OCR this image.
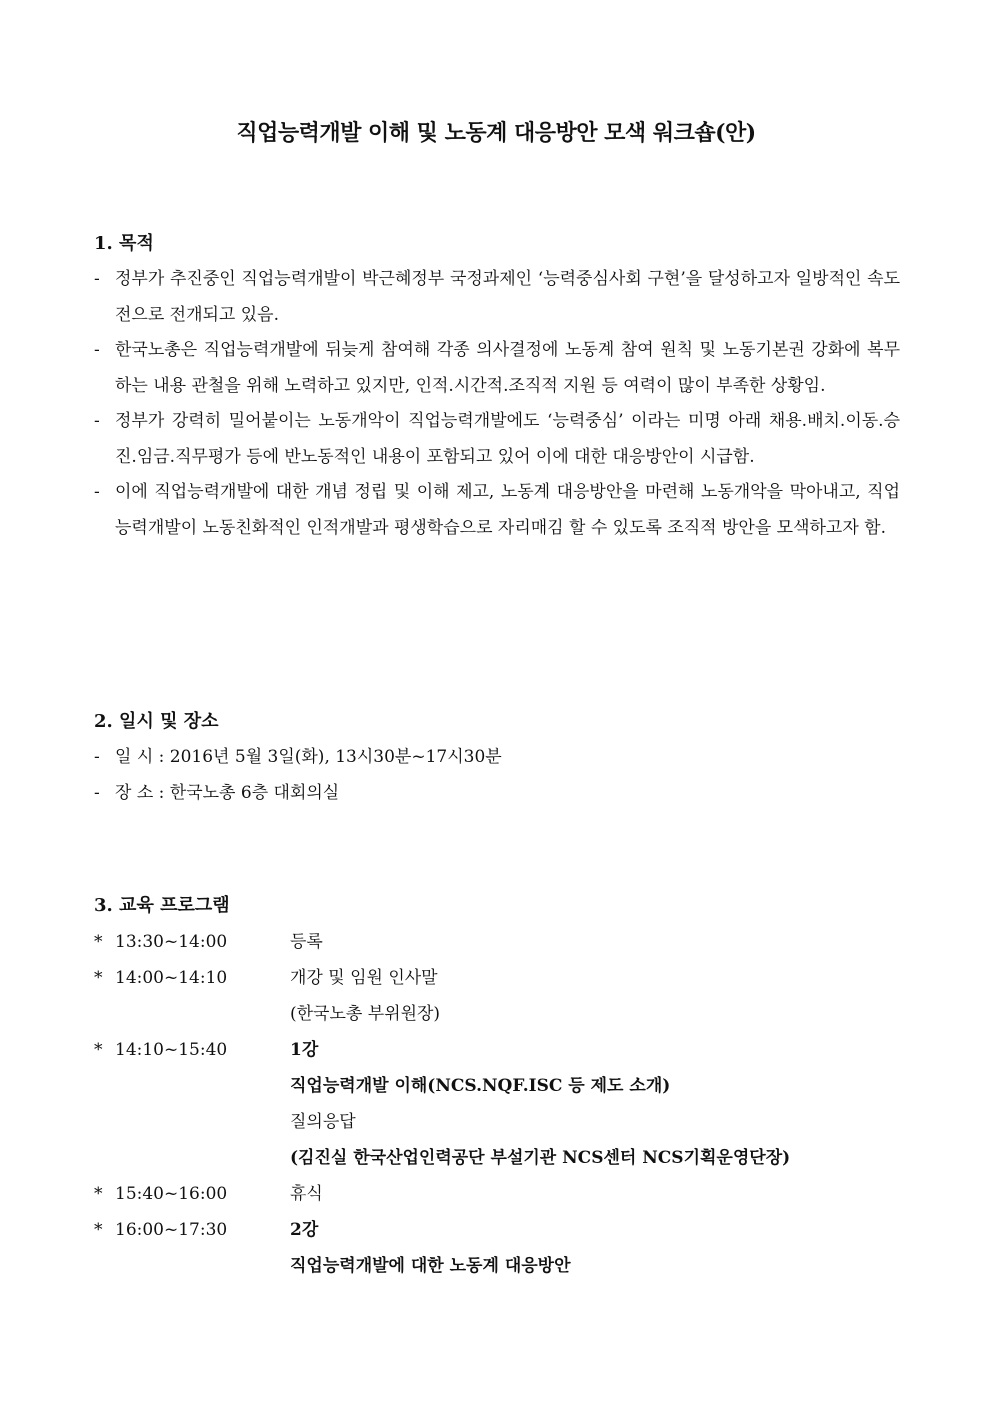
직업능력개발 이해 및 노동계 대응방안 모색 워크숍(안)
1. 목적
- 정부가 추진중인 직업능력개발이 박근혜정부 국정과제인 ‘능력중심사회 구현’을 달성하고자 일방적인 속도전으로 전개되고 있음.
- 한국노총은 직업능력개발에 뒤늦게 참여해 각종 의사결정에 노동계 참여 원칙 및 노동기본권 강화에 복무하는 내용 관철을 위해 노력하고 있지만, 인적.시간적.조직적 지원 등 여력이 많이 부족한 상황임.
- 정부가 강력히 밀어붙이는 노동개악이 직업능력개발에도 ‘능력중심’ 이라는 미명 아래 채용.배치.이동.승진.임금.직무평가 등에 반노동적인 내용이 포함되고 있어 이에 대한 대응방안이 시급함.
- 이에 직업능력개발에 대한 개념 정립 및 이해 제고, 노동계 대응방안을 마련해 노동개악을 막아내고, 직업능력개발이 노동친화적인 인적개발과 평생학습으로 자리매김 할 수 있도록 조직적 방안을 모색하고자 함.
2. 일시 및 장소
- 일 시 : 2016년 5월 3일(화), 13시30분~17시30분
- 장 소 : 한국노총 6층 대회의실
3. 교육 프로그램
* 13:30~14:00	등록
* 14:00~14:10	개강 및 임원 인사말
(한국노총 부위원장)
* 14:10~15:40	1강
직업능력개발 이해(NCS.NQF.ISC 등 제도 소개)
질의응답
(김진실 한국산업인력공단 부설기관 NCS센터 NCS기획운영단장)
* 15:40~16:00	휴식
* 16:00~17:30	2강
직업능력개발에 대한 노동계 대응방안
